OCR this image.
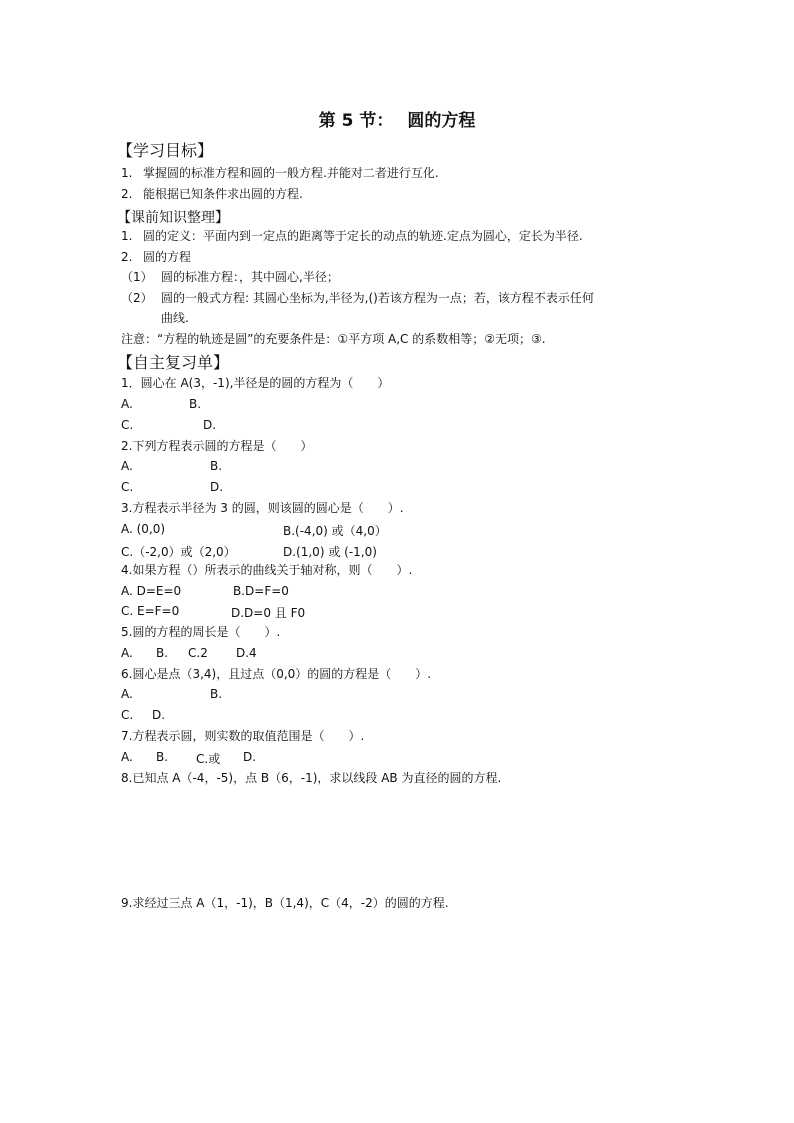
第 5 节： 圆的方程
【学习目标】
1. 掌握圆的标准方程和圆的一般方程.并能对二者进行互化.
2. 能根据已知条件求出圆的方程.
【课前知识整理】
1. 圆的定义：平面内到一定点的距离等于定长的动点的轨迹.定点为圆心，定长为半径.
2. 圆的方程
（1） 圆的标准方程：，其中圆心,半径；
（2） 圆的一般式方程: 其圆心坐标为,半径为,()若该方程为一点；若，该方程不表示任何
曲线.
注意：“方程的轨迹是圆”的充要条件是：①平方项 A,C 的系数相等；②无项；③.
【自主复习单】
1．圆心在 A(3，-1),半径是的圆的方程为（　　）
A.	B.
C.	D.
2.下列方程表示圆的方程是（　　）
A.	B.
C.	D.
3.方程表示半径为 3 的圆，则该圆的圆心是（　　）.
A. (0,0)	B.(-4,0) 或（4,0）
C.（-2,0）或（2,0）	D.(1,0) 或 (-1,0)
4.如果方程（）所表示的曲线关于轴对称，则（　　）.
A. D=E=0	B.D=F=0
C. E=F=0	D.D=0 且 F0
5.圆的方程的周长是（　　）.
A. B. C.2 D.4
6.圆心是点（3,4)，且过点（0,0）的圆的方程是（　　）.
A.	B.
C. D.
7.方程表示圆，则实数的取值范围是（　　）.
A. B. C.或 D.
8.已知点 A（-4，-5)，点 B（6，-1)，求以线段 AB 为直径的圆的方程.
9.求经过三点 A（1，-1)，B（1,4)，C（4，-2）的圆的方程.
